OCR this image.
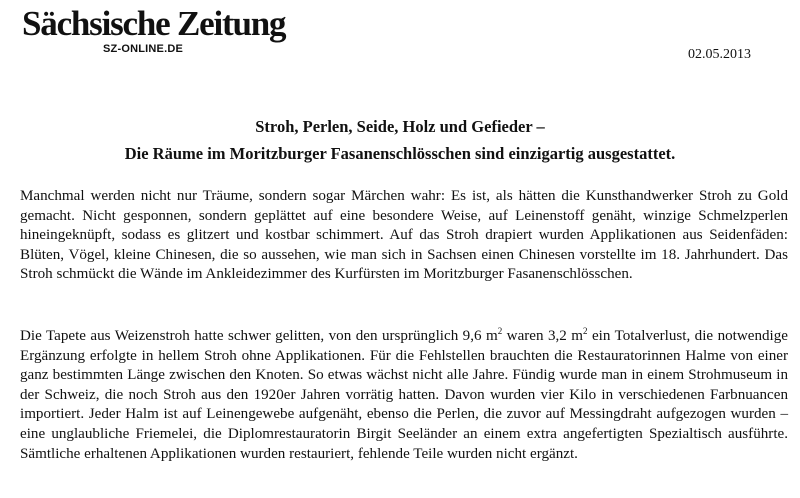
Sächsische Zeitung
SZ-ONLINE.DE	02.05.2013
Stroh, Perlen, Seide, Holz und Gefieder –
Die Räume im Moritzburger Fasanenschlösschen sind einzigartig ausgestattet.

Manchmal werden nicht nur Träume, sondern sogar Märchen wahr: Es ist, als hätten die Kunsthandwerker Stroh zu Gold gemacht. Nicht gesponnen, sondern geplättet auf eine besondere Weise, auf Leinenstoff genäht, winzige Schmelzperlen hineingeknüpft, sodass es glitzert und kostbar schimmert. Auf das Stroh drapiert wurden Applikationen aus Seidenfäden: Blüten, Vögel, kleine Chinesen, die so aussehen, wie man sich in Sachsen einen Chinesen vorstellte im 18. Jahrhundert. Das Stroh schmückt die Wände im Ankleidezimmer des Kurfürsten im Moritzburger Fasanenschlösschen.

Die Tapete aus Weizenstroh hatte schwer gelitten, von den ursprünglich 9,6 $m^2$ waren 3,2 $m^2$ ein Totalverlust, die notwendige Ergänzung erfolgte in hellem Stroh ohne Applikationen. Für die Fehlstellen brauchten die Restauratorinnen Halme von einer ganz bestimmten Länge zwischen den Knoten. So etwas wächst nicht alle Jahre. Fündig wurde man in einem Strohmuseum in der Schweiz, die noch Stroh aus den 1920er Jahren vorrätig hatten. Davon wurden vier Kilo in verschiedenen Farbnuancen importiert. Jeder Halm ist auf Leinengewebe aufgenäht, ebenso die Perlen, die zuvor auf Messingdraht aufgezogen wurden – eine unglaubliche Friemelei, die Diplomrestauratorin Birgit Seeländer an einem extra angefertigten Spezialtisch ausführte. Sämtliche erhaltenen Applikationen wurden restauriert, fehlende Teile wurden nicht ergänzt.
